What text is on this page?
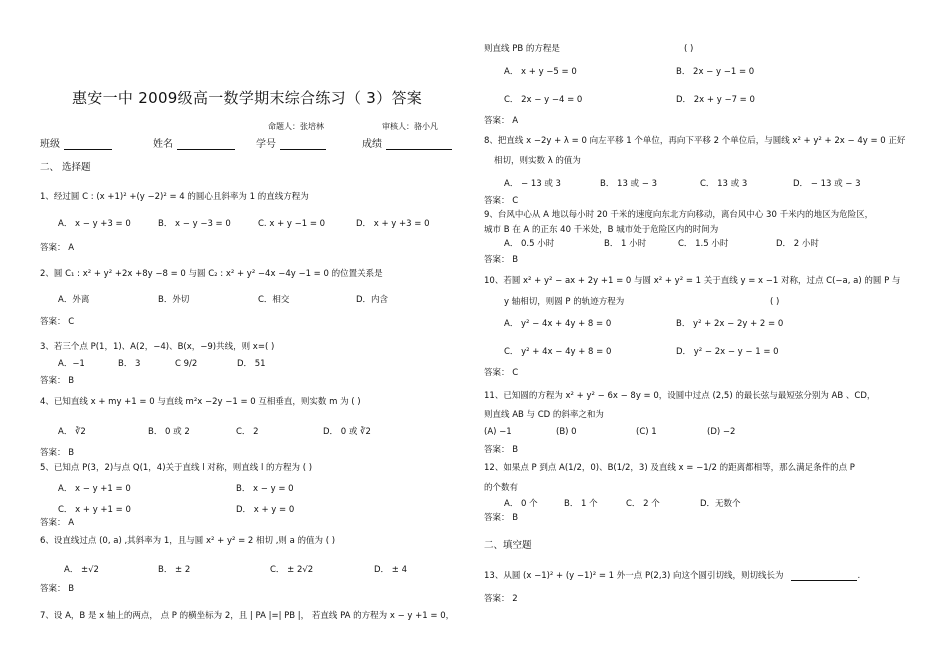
惠安一中 2009级高一数学期末综合练习（ 3）答案
命题人：张培林	审核人：骆小凡
班级	姓名	学号	成绩
二、 选择题
1、经过圆 C : (x +1)² +(y −2)² = 4 的圆心且斜率为 1 的直线方程为
A． x − y +3 = 0	B． x − y −3 = 0	C. x + y −1 = 0	D． x + y +3 = 0
答案： A
2、圆 C₁ : x² + y² +2x +8y −8 = 0 与圆 C₂ : x² + y² −4x −4y −1 = 0 的位置关系是
A．外离	B．外切	C．相交	D．内含
答案： C
3、若三个点 P(1，1)、A(2，−4)、B(x，−9)共线，则 x=( )
A．−1	B． 3	C 9/2	D． 51
答案： B
4、已知直线 x + my +1 = 0 与直线 m²x −2y −1 = 0 互相垂直，则实数 m 为 ( )
A． ∛2	B． 0 或 2	C． 2	D． 0 或 ∛2
答案： B
5、已知点 P(3，2)与点 Q(1，4)关于直线 l 对称，则直线 l 的方程为 ( )
A． x − y +1 = 0	B． x − y = 0
C． x + y +1 = 0	D． x + y = 0
答案： A
6、设直线过点 (0, a) ,其斜率为 1，且与圆 x² + y² = 2 相切 ,则 a 的值为 ( )
A． ±√2	B． ± 2	C． ± 2√2	D． ± 4
答案： B
7、设 A，B 是 x 轴上的两点， 点 P 的横坐标为 2，且 | PA |=| PB |， 若直线 PA 的方程为 x − y +1 = 0，
则直线 PB 的方程是	( )
A． x + y −5 = 0	B． 2x − y −1 = 0
C． 2x − y −4 = 0	D． 2x + y −7 = 0
答案： A
8、把直线 x −2y + λ = 0 向左平移 1 个单位，再向下平移 2 个单位后，与圆线 x² + y² + 2x − 4y = 0 正好
相切，则实数 λ 的值为
A． − 13 或 3	B． 13 或 − 3	C． 13 或 3	D． − 13 或 − 3
答案： C
9、台风中心从 A 地以每小时 20 千米的速度向东北方向移动，离台风中心 30 千米内的地区为危险区，
城市 B 在 A 的正东 40 千米处，B 城市处于危险区内的时间为
A． 0.5 小时	B． 1 小时	C． 1.5 小时	D． 2 小时
答案： B
10、若圆 x² + y² − ax + 2y +1 = 0 与圆 x² + y² = 1 关于直线 y = x −1 对称，过点 C(−a, a) 的圆 P 与
y 轴相切，则圆 P 的轨迹方程为	( )
A． y² − 4x + 4y + 8 = 0	B． y² + 2x − 2y + 2 = 0
C． y² + 4x − 4y + 8 = 0	D． y² − 2x − y − 1 = 0
答案： C
11、已知圆的方程为 x² + y² − 6x − 8y = 0，设圆中过点 (2,5) 的最长弦与最短弦分别为 AB 、CD，
则直线 AB 与 CD 的斜率之和为
(A) −1	(B) 0	(C) 1	(D) −2
答案： B
12、如果点 P 到点 A(1/2，0)、B(1/2，3) 及直线 x = −1/2 的距离都相等，那么满足条件的点 P
的个数有
A． 0 个	B． 1 个	C． 2 个	D．无数个
答案： B
二、填空题
13、从圆 (x −1)² + (y −1)² = 1 外一点 P(2,3) 向这个圆引切线，则切线长为	.
答案： 2
